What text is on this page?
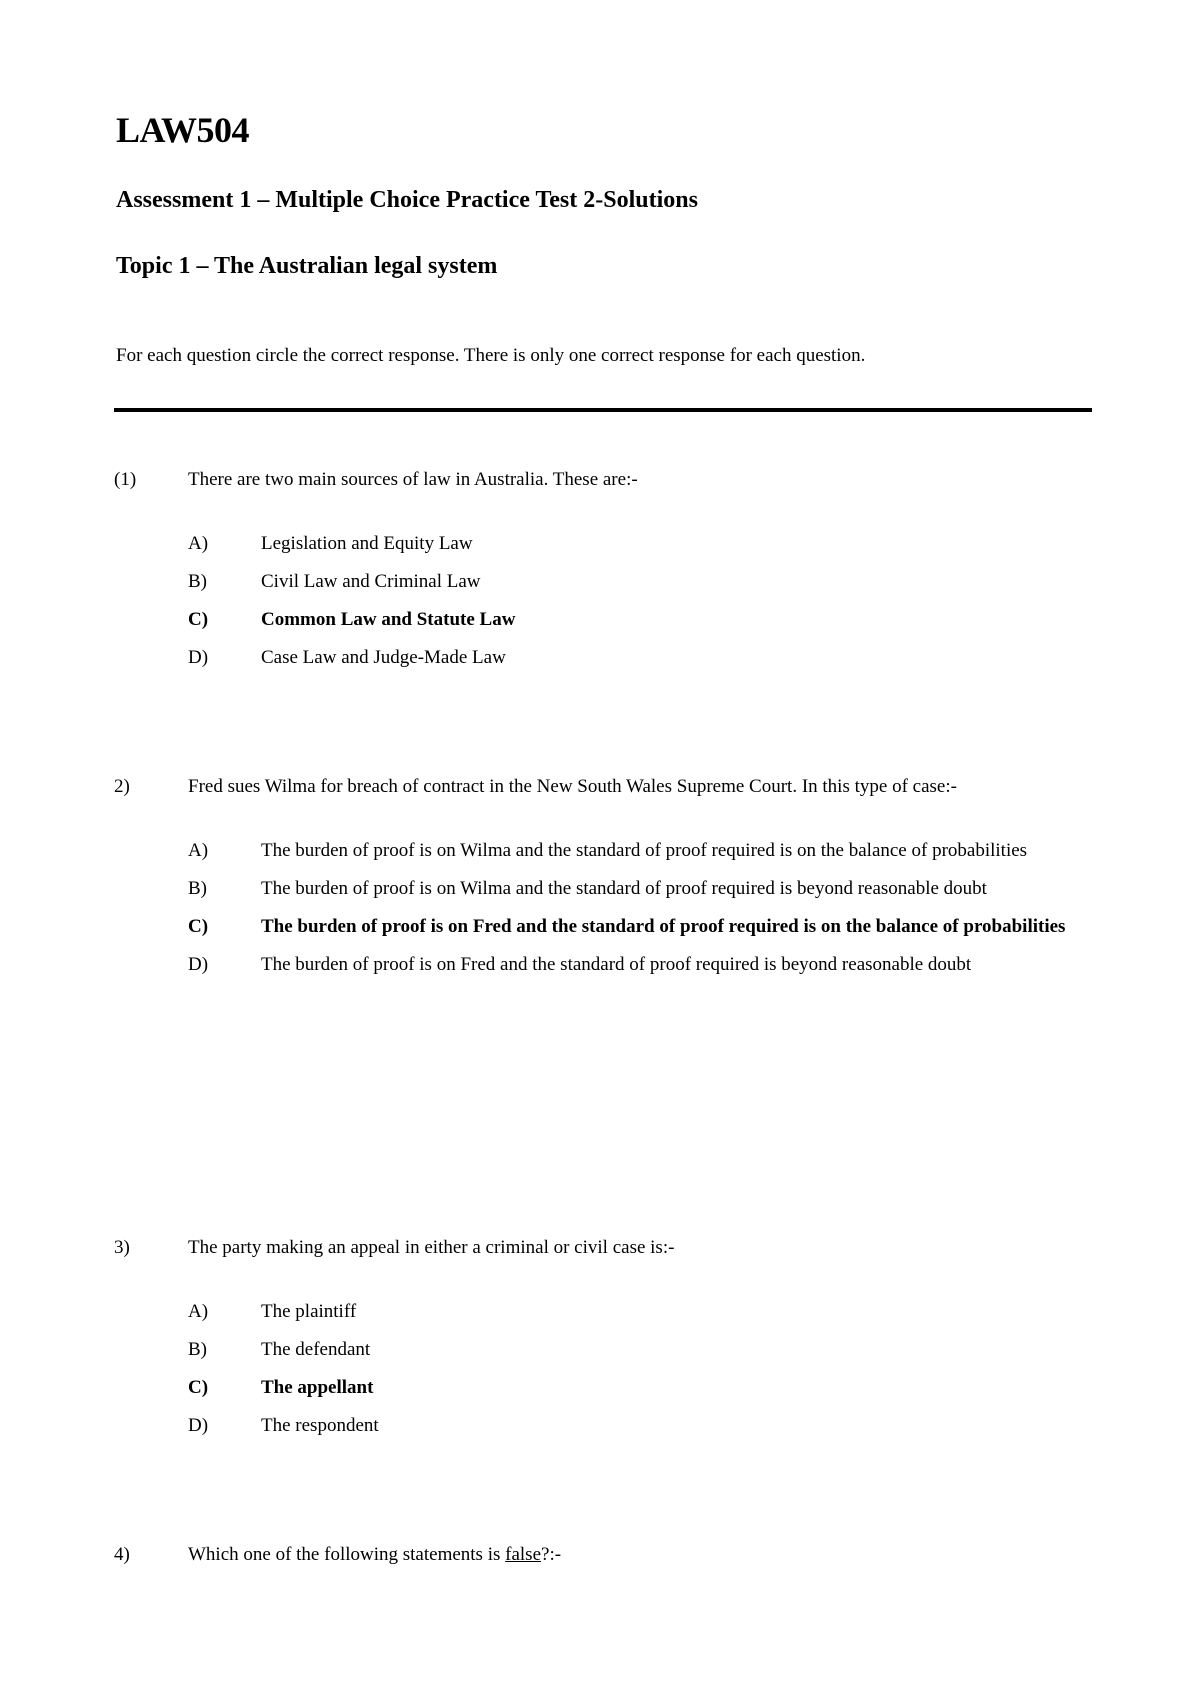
LAW504
Assessment 1 – Multiple Choice Practice Test 2-Solutions
Topic 1 – The Australian legal system
For each question circle the correct response. There is only one correct response for each question.
(1)	There are two main sources of law in Australia. These are:-
A)	Legislation and Equity Law
B)	Civil Law and Criminal Law
C)	Common Law and Statute Law
D)	Case Law and Judge-Made Law
2)	Fred sues Wilma for breach of contract in the New South Wales Supreme Court. In this type of case:-
A)	The burden of proof is on Wilma and the standard of proof required is on the balance of probabilities
B)	The burden of proof is on Wilma and the standard of proof required is beyond reasonable doubt
C)	The burden of proof is on Fred and the standard of proof required is on the balance of probabilities
D)	The burden of proof is on Fred and the standard of proof required is beyond reasonable doubt
3)	The party making an appeal in either a criminal or civil case is:-
A)	The plaintiff
B)	The defendant
C)	The appellant
D)	The respondent
4)	Which one of the following statements is false?:-
